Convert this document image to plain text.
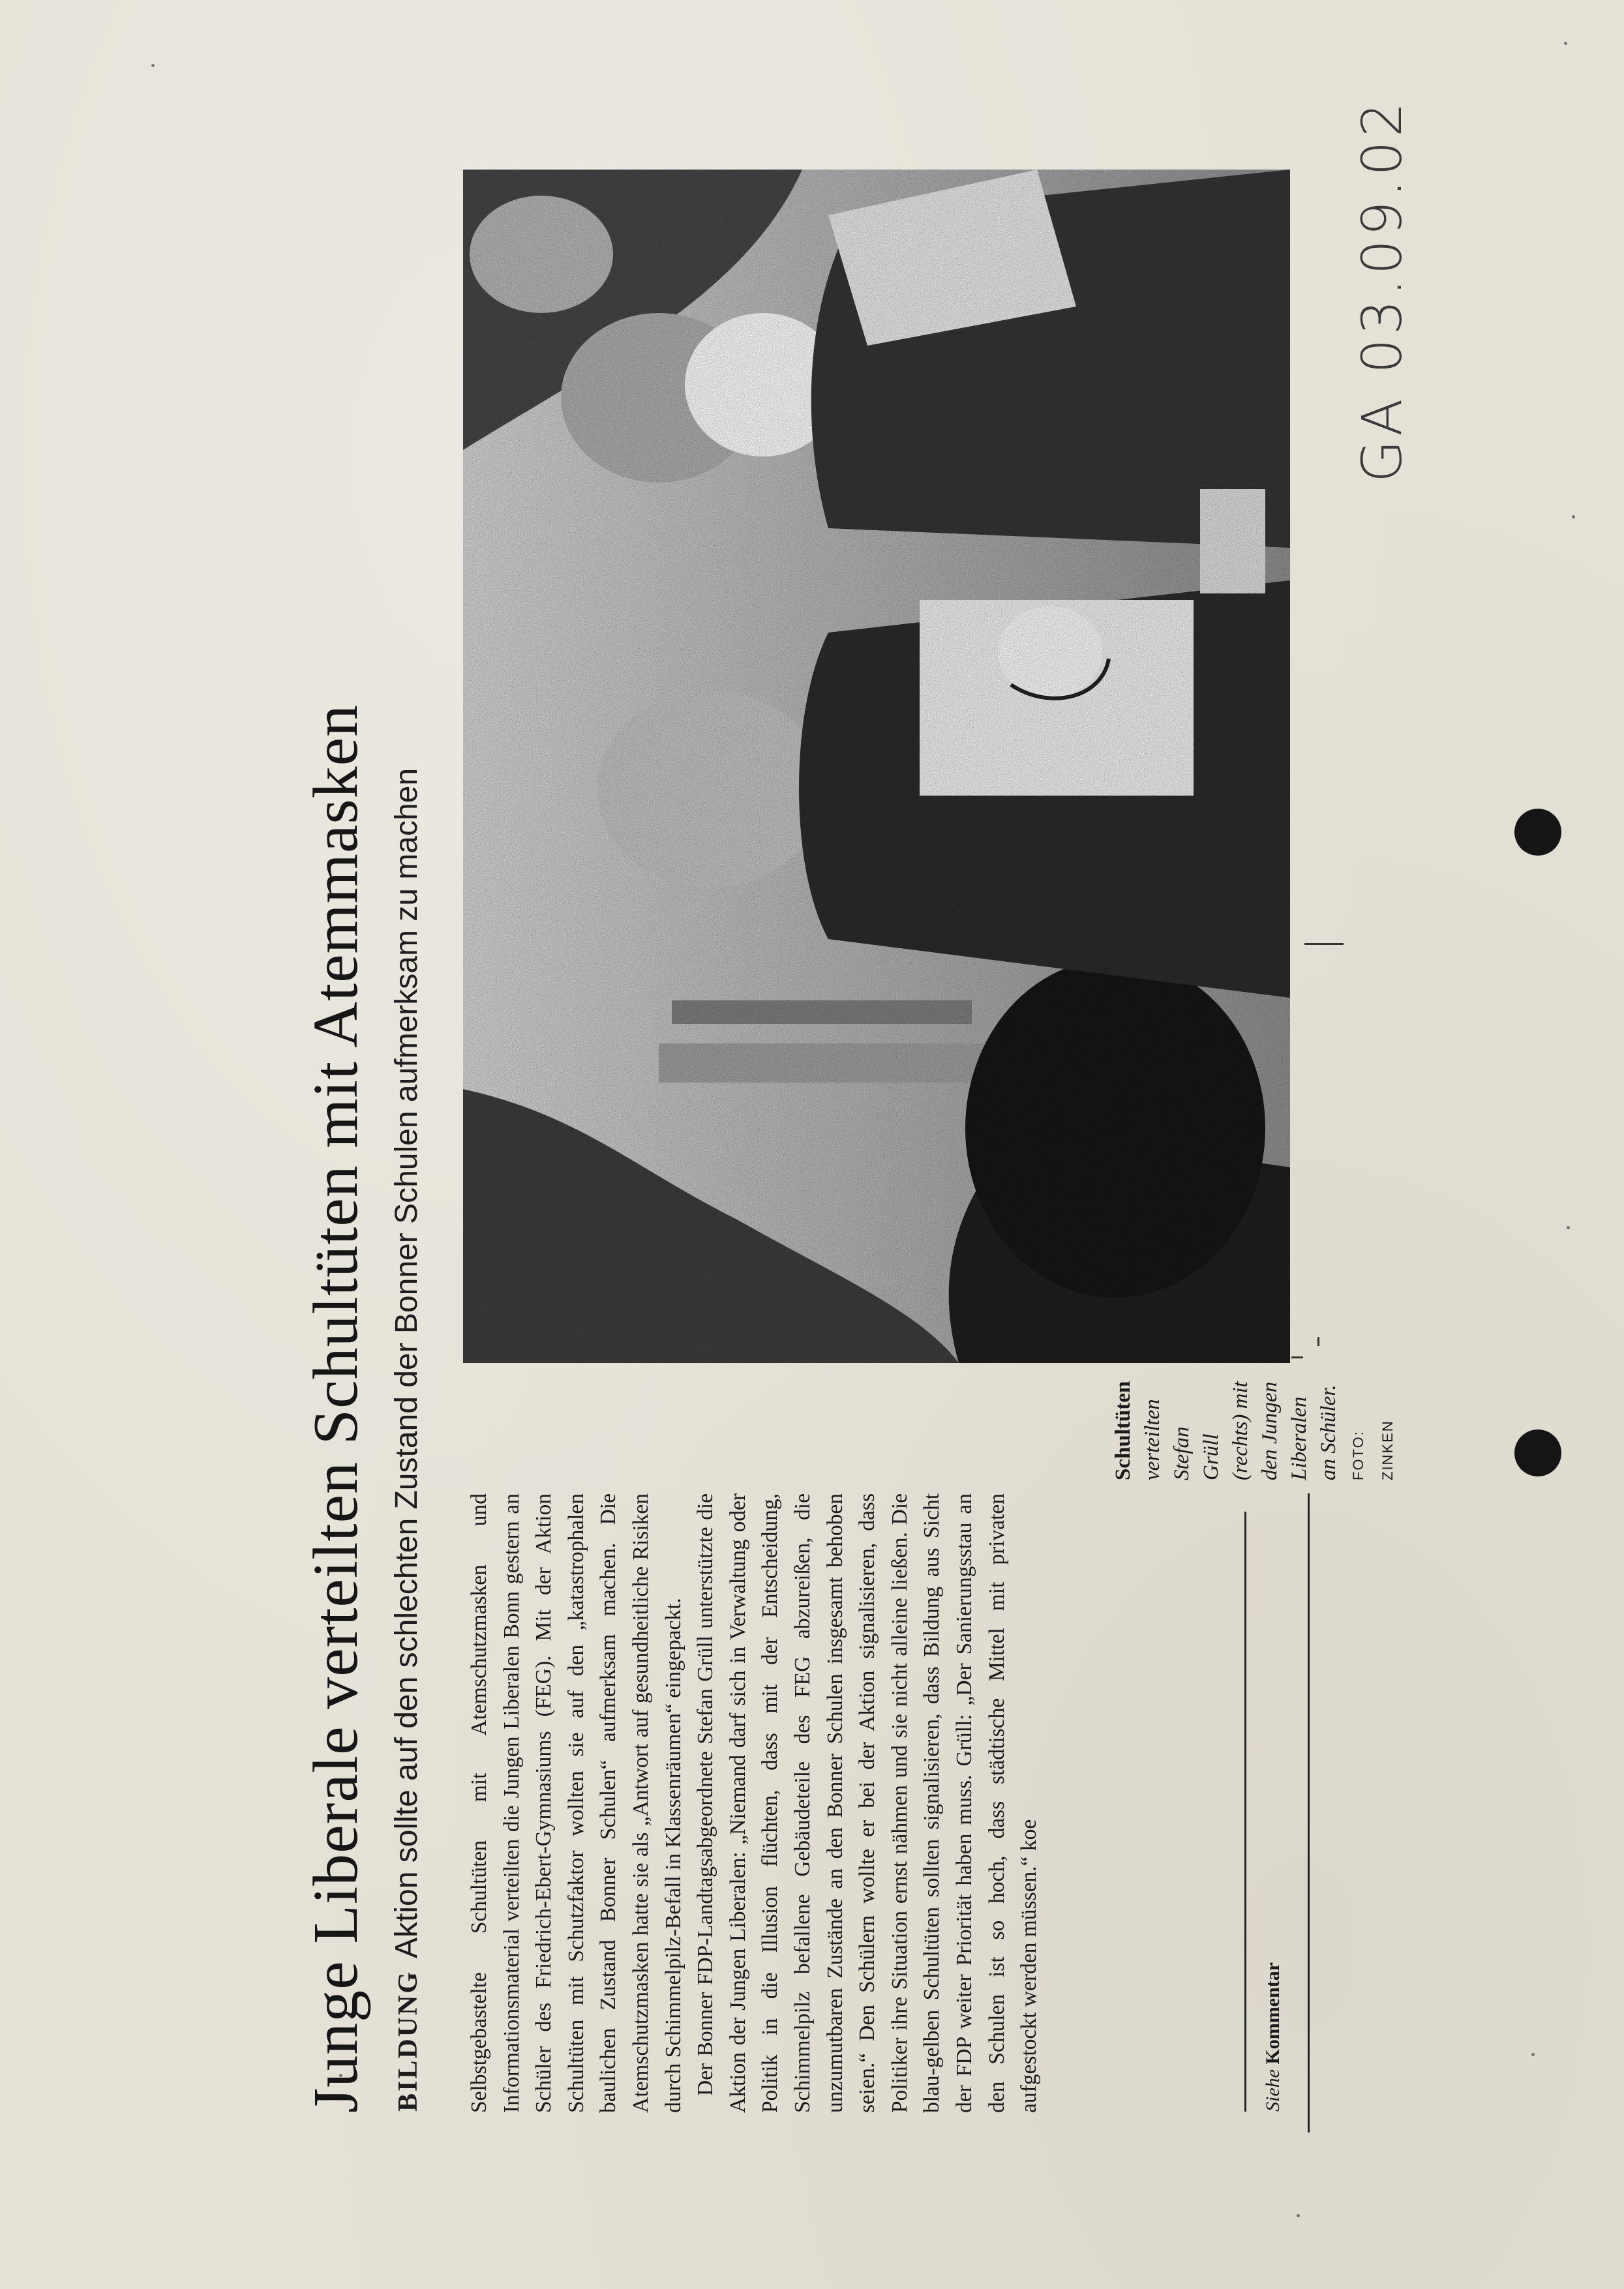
GA 03.09.02
Junge Liberale verteilten Schultüten mit Atemmasken BILDUNGAktion sollte auf den schlechten Zustand der Bonner Schulen aufmerksam zu machen Selbstgebastelte Schultüten mit Atemschutzmasken und Informationsmaterial verteilten die Jungen Liberalen Bonn gestern an Schüler des Friedrich-Ebert-Gymnasiums (FEG). Mit der Aktion Schultüten mit Schutzfaktor wollten sie auf den „katastrophalen baulichen Zustand Bonner Schulen“ aufmerksam machen. Die Atemschutzmasken hatte sie als „Antwort auf gesundheitliche Risiken durch Schimmelpilz-Befall in Klassenräumen“ eingepackt. Der Bonner FDP-Landtagsabgeordnete Stefan Grüll unterstützte die Aktion der Jungen Liberalen: „Niemand darf sich in Verwaltung oder Politik in die Illusion flüchten, dass mit der Entscheidung, Schimmelpilz befallene Gebäudeteile des FEG abzureißen, die unzumutbaren Zustände an den Bonner Schulen insgesamt behoben seien.“ Den Schülern wollte er bei der Aktion signalisieren, dass Politiker ihre Situation ernst nähmen und sie nicht alleine ließen. Die blau-gelben Schultüten sollten signalisieren, dass Bildung aus Sicht der FDP weiter Priorität haben muss. Grüll: „Der Sanierungsstau an den Schulen ist so hoch, dass städtische Mittel mit privaten aufgestockt werden müssen.“ koe	Siehe Kommentar
Schultüten verteilten Stefan Grüll (rechts) mit den Jungen Liberalen an Schüler. FOTO: ZINKEN
